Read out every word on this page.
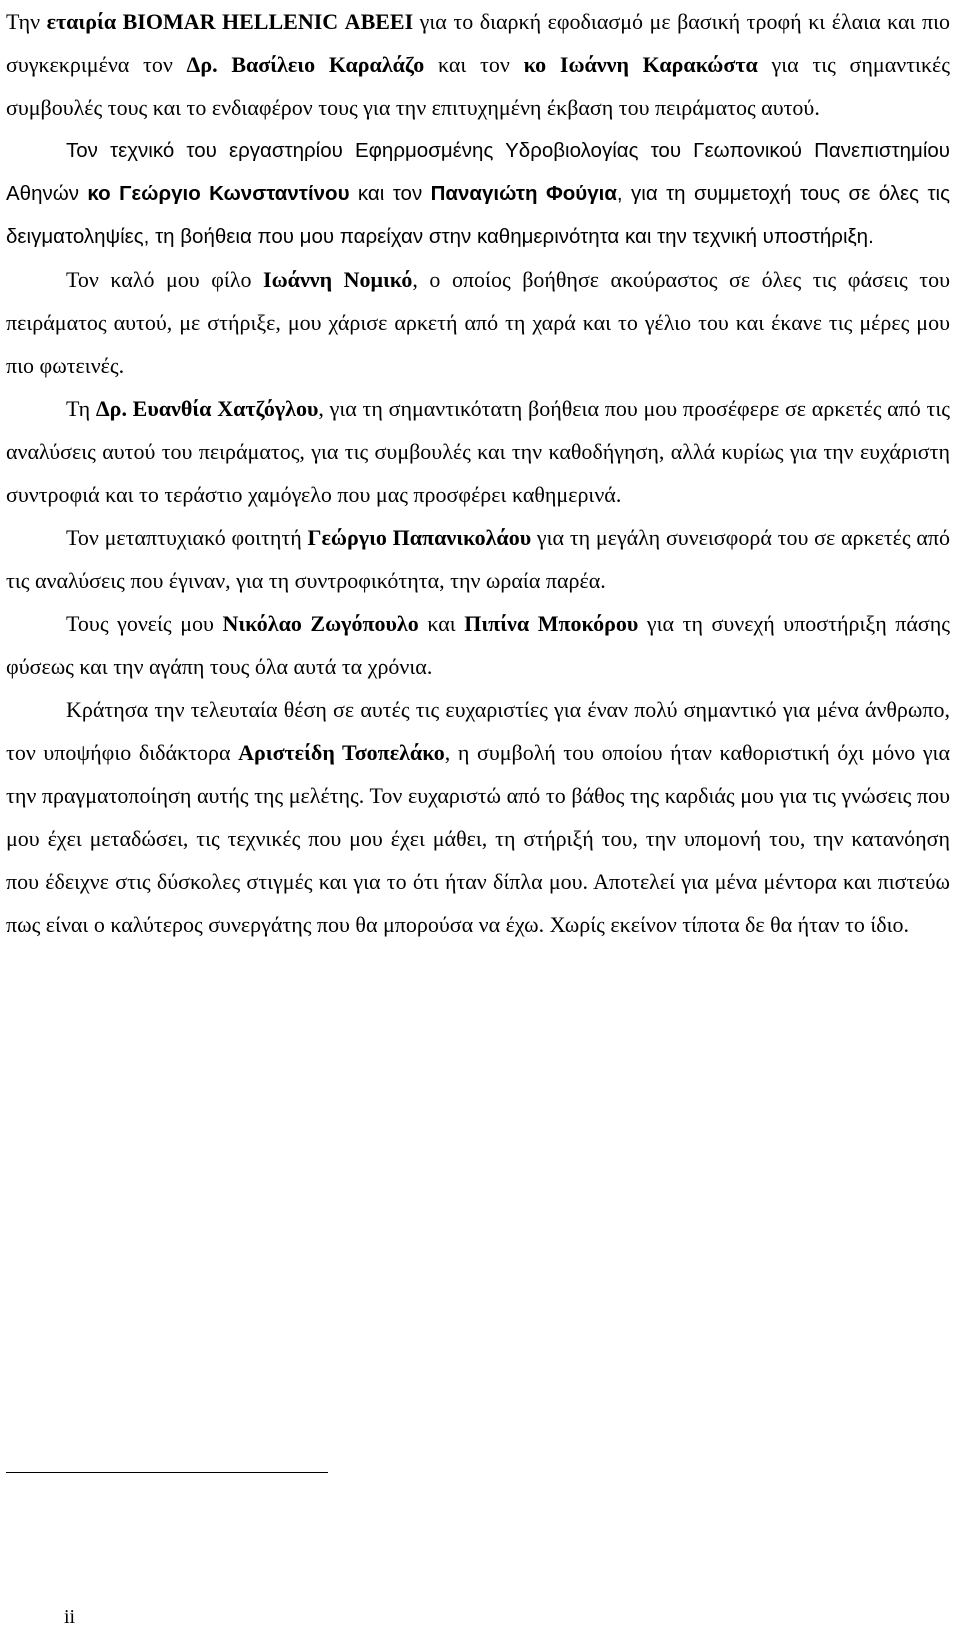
Την εταιρία BIOMAR HELLENIC ΑΒΕΕΙ για το διαρκή εφοδιασμό με βασική τροφή κι έλαια και πιο συγκεκριμένα τον Δρ. Βασίλειο Καραλάζο και τον κο Ιωάννη Καρακώστα για τις σημαντικές συμβουλές τους και το ενδιαφέρον τους για την επιτυχημένη έκβαση του πειράματος αυτού.

Τον τεχνικό του εργαστηρίου Εφηρμοσμένης Υδροβιολογίας του Γεωπονικού Πανεπιστημίου Αθηνών κο Γεώργιο Κωνσταντίνου και τον Παναγιώτη Φούγια, για τη συμμετοχή τους σε όλες τις δειγματοληψίες, τη βοήθεια που μου παρείχαν στην καθημερινότητα και την τεχνική υποστήριξη.

Τον καλό μου φίλο Ιωάννη Νομικό, ο οποίος βοήθησε ακούραστος σε όλες τις φάσεις του πειράματος αυτού, με στήριξε, μου χάρισε αρκετή από τη χαρά και το γέλιο του και έκανε τις μέρες μου πιο φωτεινές.

Τη Δρ. Ευανθία Χατζόγλου, για τη σημαντικότατη βοήθεια που μου προσέφερε σε αρκετές από τις αναλύσεις αυτού του πειράματος, για τις συμβουλές και την καθοδήγηση, αλλά κυρίως για την ευχάριστη συντροφιά και το τεράστιο χαμόγελο που μας προσφέρει καθημερινά.

Τον μεταπτυχιακό φοιτητή Γεώργιο Παπανικολάου για τη μεγάλη συνεισφορά του σε αρκετές από τις αναλύσεις που έγιναν, για τη συντροφικότητα, την ωραία παρέα.

Τους γονείς μου Νικόλαο Ζωγόπουλο και Πιπίνα Μποκόρου για τη συνεχή υποστήριξη πάσης φύσεως και την αγάπη τους όλα αυτά τα χρόνια.

Κράτησα την τελευταία θέση σε αυτές τις ευχαριστίες για έναν πολύ σημαντικό για μένα άνθρωπο, τον υποψήφιο διδάκτορα Αριστείδη Τσοπελάκο, η συμβολή του οποίου ήταν καθοριστική όχι μόνο για την πραγματοποίηση αυτής της μελέτης. Τον ευχαριστώ από το βάθος της καρδιάς μου για τις γνώσεις που μου έχει μεταδώσει, τις τεχνικές που μου έχει μάθει, τη στήριξή του, την υπομονή του, την κατανόηση που έδειχνε στις δύσκολες στιγμές και για το ότι ήταν δίπλα μου. Αποτελεί για μένα μέντορα και πιστεύω πως είναι ο καλύτερος συνεργάτης που θα μπορούσα να έχω. Χωρίς εκείνον τίποτα δε θα ήταν το ίδιο.

ii
